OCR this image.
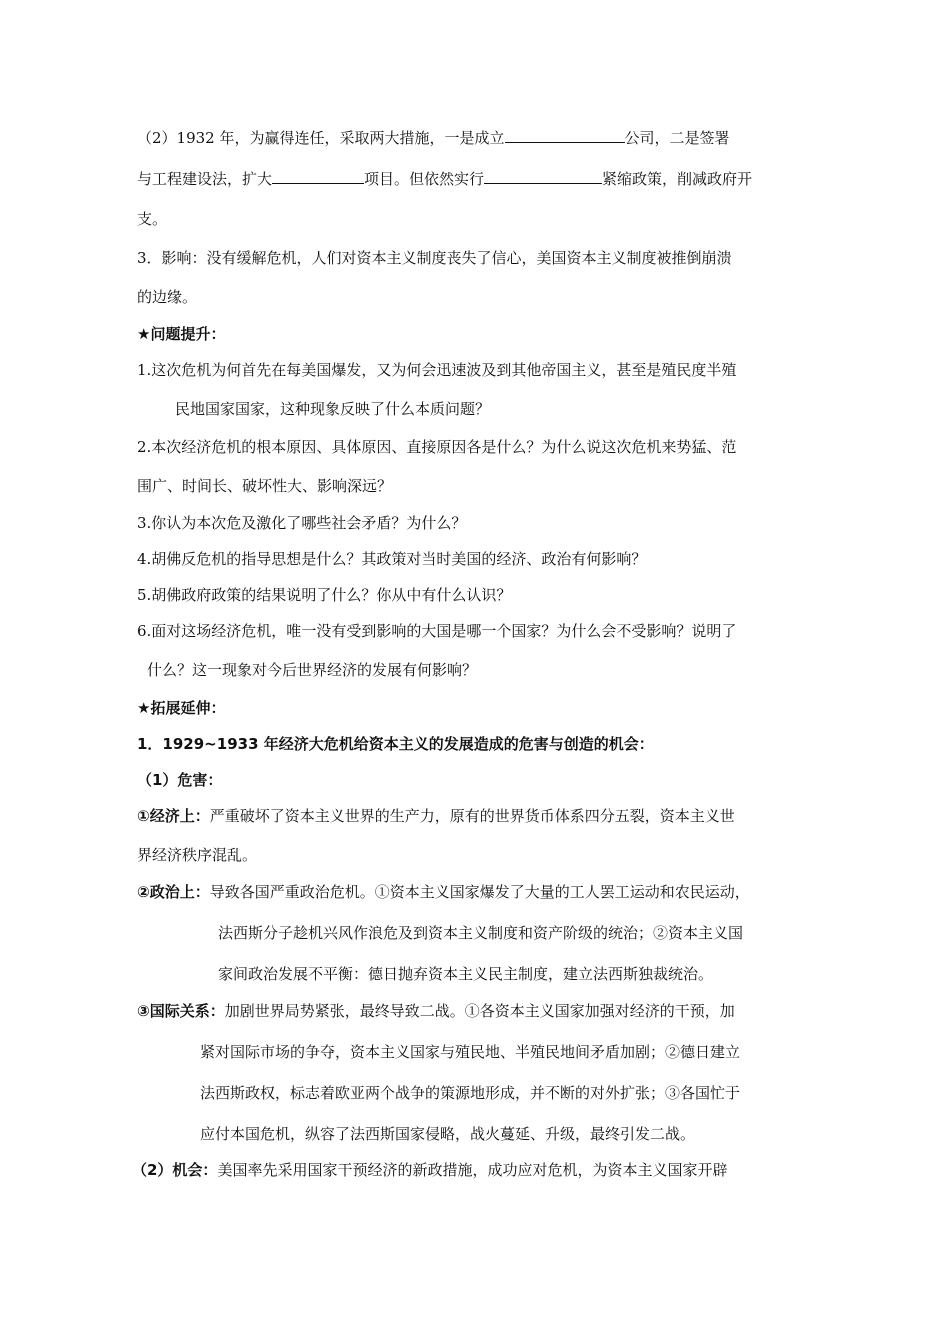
（2）1932 年，为赢得连任，采取两大措施，一是成立	公司，二是签署
与工程建设法，扩大	项目。但依然实行	紧缩政策，削减政府开
支。
3．影响：没有缓解危机，人们对资本主义制度丧失了信心，美国资本主义制度被推倒崩溃
的边缘。
★问题提升：
1.这次危机为何首先在每美国爆发，又为何会迅速波及到其他帝国主义，甚至是殖民度半殖
民地国家国家，这种现象反映了什么本质问题？
2.本次经济危机的根本原因、具体原因、直接原因各是什么？为什么说这次危机来势猛、范
围广、时间长、破坏性大、影响深远？
3.你认为本次危及激化了哪些社会矛盾？为什么？
4.胡佛反危机的指导思想是什么？其政策对当时美国的经济、政治有何影响？
5.胡佛政府政策的结果说明了什么？你从中有什么认识？
6.面对这场经济危机，唯一没有受到影响的大国是哪一个国家？为什么会不受影响？说明了
什么？这一现象对今后世界经济的发展有何影响？
★拓展延伸：
1．1929~1933 年经济大危机给资本主义的发展造成的危害与创造的机会：
（1）危害：
①经济上：严重破坏了资本主义世界的生产力，原有的世界货币体系四分五裂，资本主义世
界经济秩序混乱。
②政治上：导致各国严重政治危机。①资本主义国家爆发了大量的工人罢工运动和农民运动，
法西斯分子趁机兴风作浪危及到资本主义制度和资产阶级的统治；②资本主义国
家间政治发展不平衡：德日抛弃资本主义民主制度，建立法西斯独裁统治。
③国际关系：加剧世界局势紧张，最终导致二战。①各资本主义国家加强对经济的干预，加
紧对国际市场的争夺，资本主义国家与殖民地、半殖民地间矛盾加剧；②德日建立
法西斯政权，标志着欧亚两个战争的策源地形成，并不断的对外扩张；③各国忙于
应付本国危机，纵容了法西斯国家侵略，战火蔓延、升级，最终引发二战。
（2）机会：美国率先采用国家干预经济的新政措施，成功应对危机，为资本主义国家开辟
